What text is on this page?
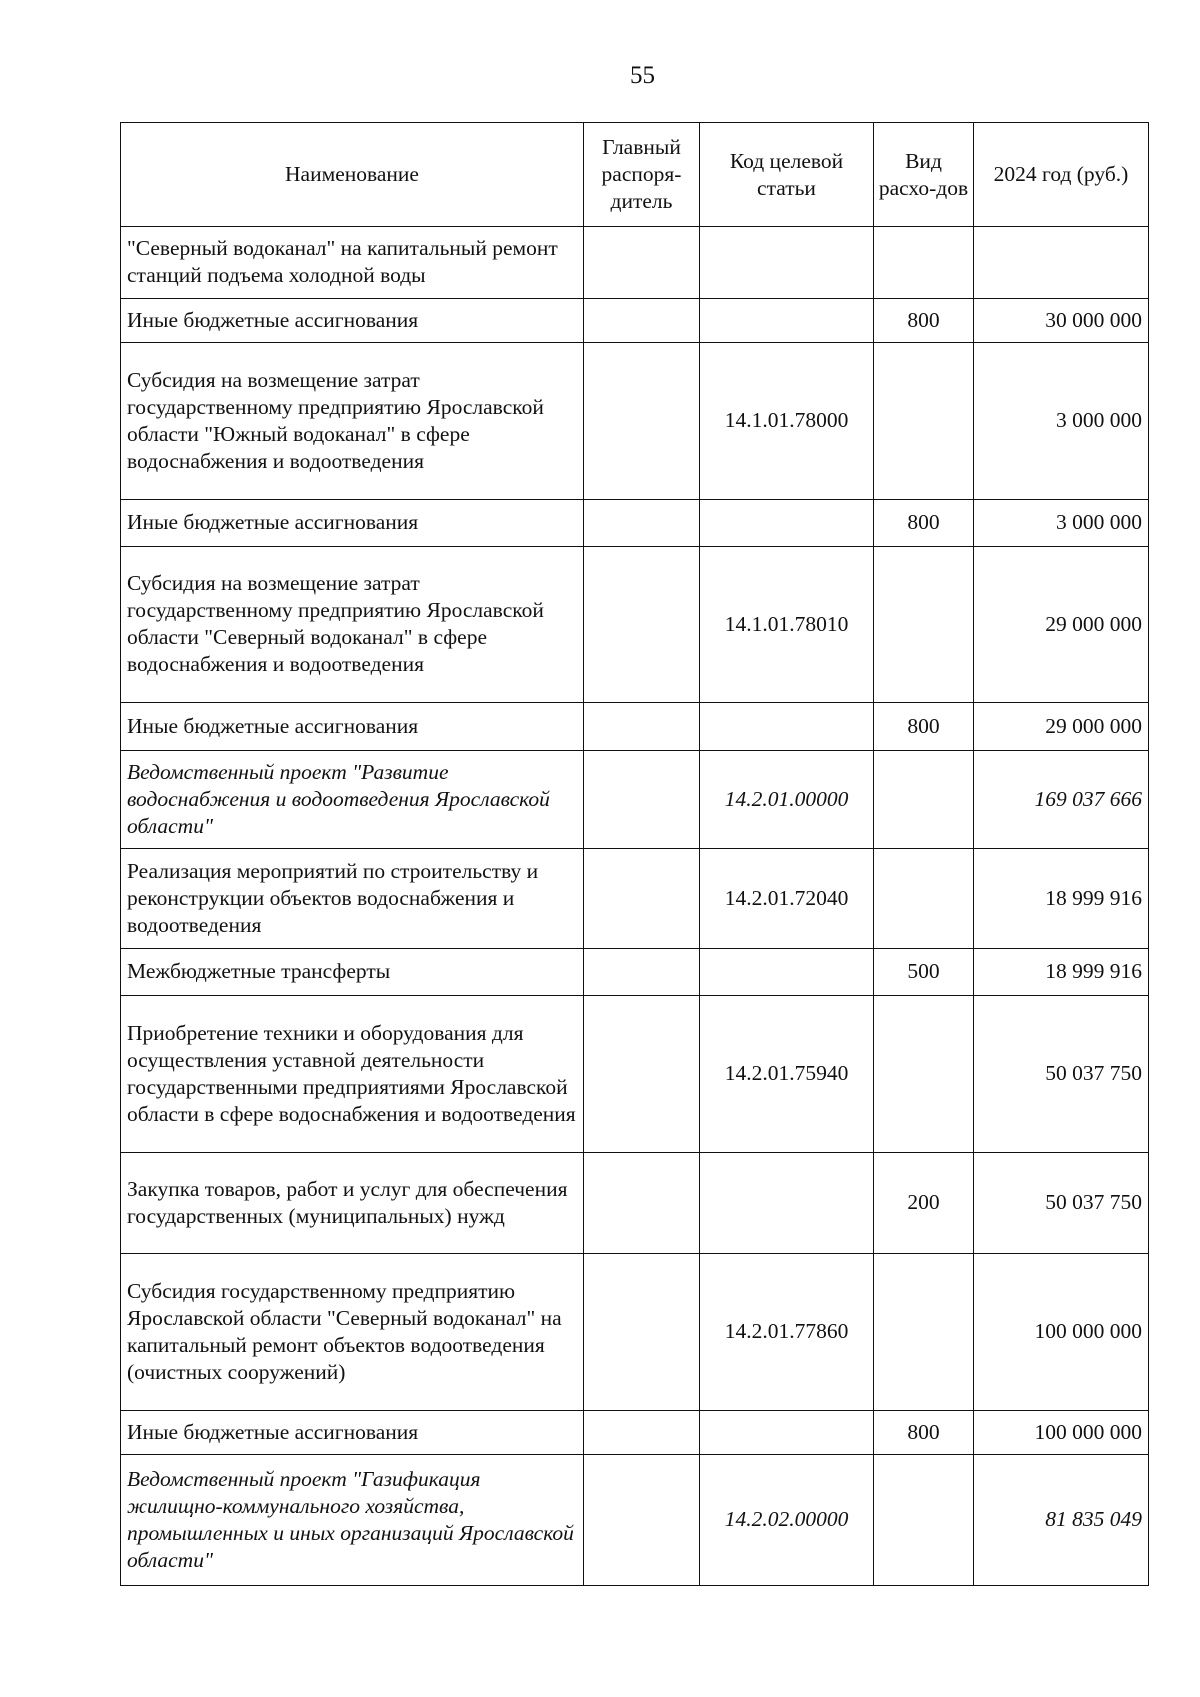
55
Наименование	Главный распоря-дитель	Код целевой статьи	Вид расхо-дов	2024 год (руб.)
"Северный водоканал" на капитальный ремонт станций подъема холодной воды				
Иные бюджетные ассигнования			800	30 000 000
Субсидия на возмещение затрат государственному предприятию Ярославской области "Южный водоканал" в сфере водоснабжения и водоотведения		14.1.01.78000		3 000 000
Иные бюджетные ассигнования			800	3 000 000
Субсидия на возмещение затрат государственному предприятию Ярославской области "Северный водоканал" в сфере водоснабжения и водоотведения		14.1.01.78010		29 000 000
Иные бюджетные ассигнования			800	29 000 000
Ведомственный проект "Развитие водоснабжения и водоотведения Ярославской области"		14.2.01.00000		169 037 666
Реализация мероприятий по строительству и реконструкции объектов водоснабжения и водоотведения		14.2.01.72040		18 999 916
Межбюджетные трансферты			500	18 999 916
Приобретение техники и оборудования для осуществления уставной деятельности государственными предприятиями Ярославской области в сфере водоснабжения и водоотведения		14.2.01.75940		50 037 750
Закупка товаров, работ и услуг для обеспечения государственных (муниципальных) нужд			200	50 037 750
Субсидия государственному предприятию Ярославской области "Северный водоканал" на капитальный ремонт объектов водоотведения (очистных сооружений)		14.2.01.77860		100 000 000
Иные бюджетные ассигнования			800	100 000 000
Ведомственный проект "Газификация жилищно-коммунального хозяйства, промышленных и иных организаций Ярославской области"		14.2.02.00000		81 835 049
